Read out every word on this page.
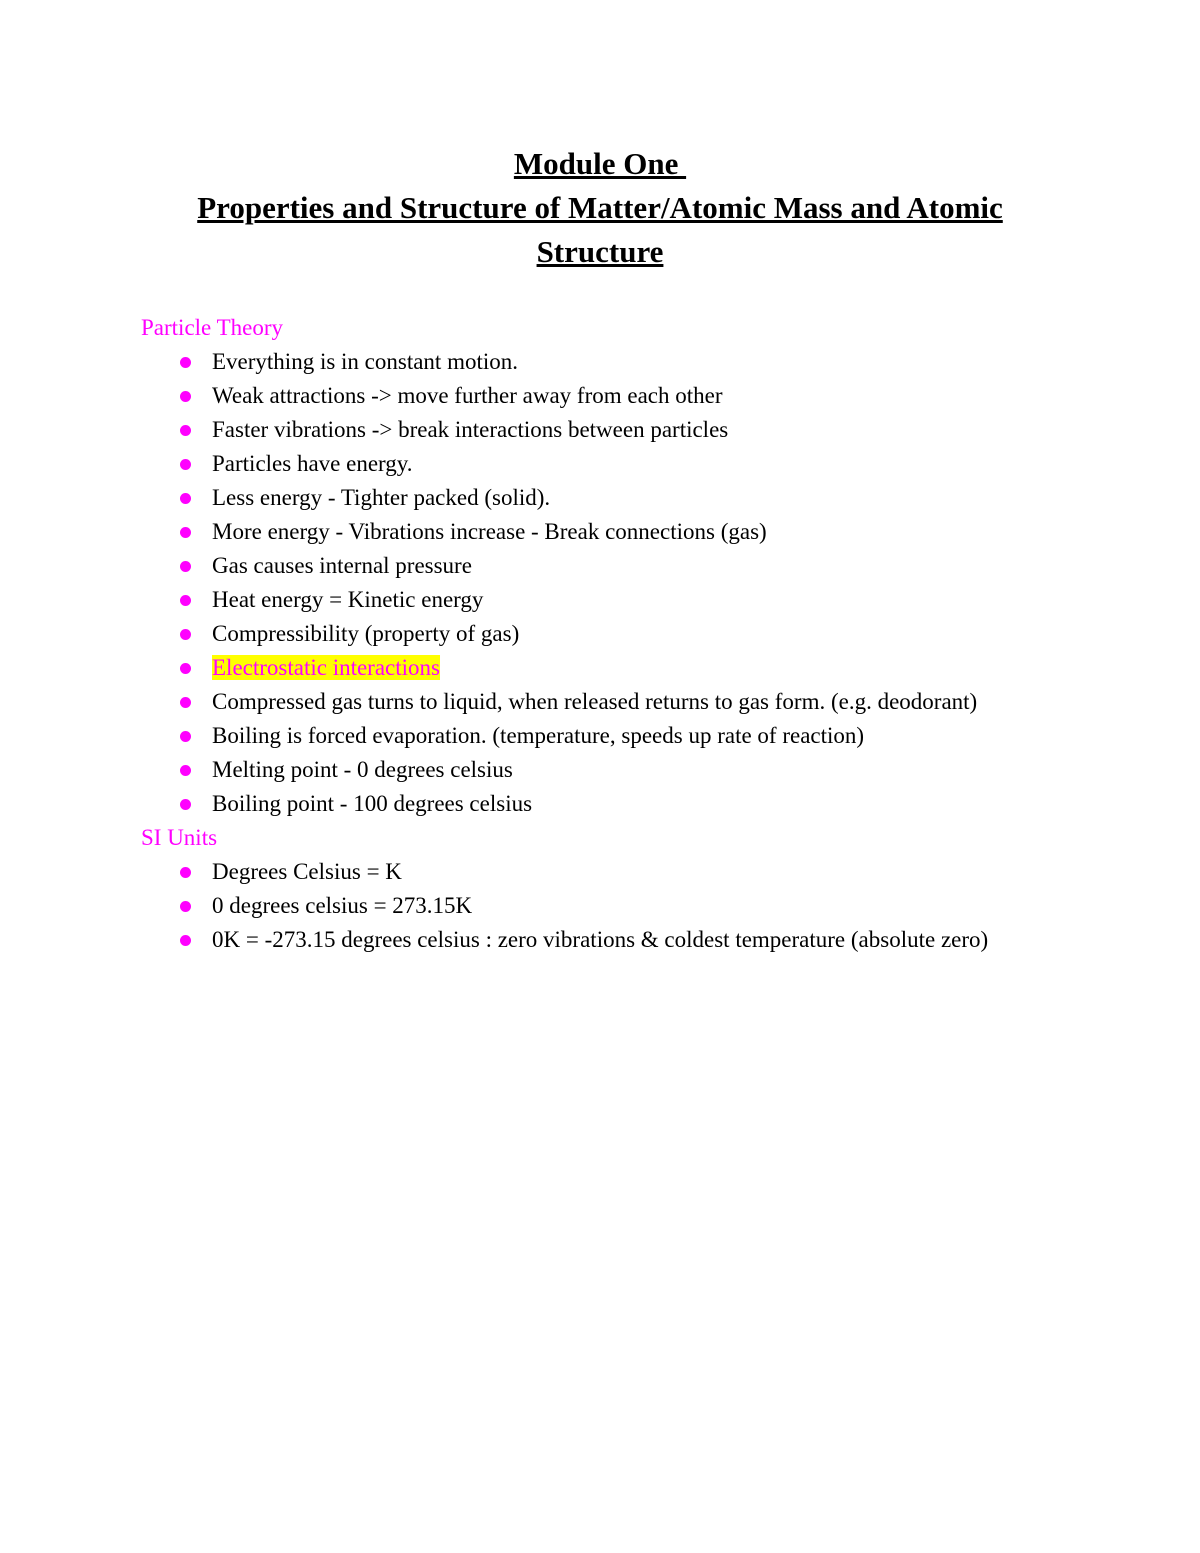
Module One
Properties and Structure of Matter/Atomic Mass and Atomic
Structure
Particle Theory
Everything is in constant motion.
Weak attractions -> move further away from each other
Faster vibrations -> break interactions between particles
Particles have energy.
Less energy - Tighter packed (solid).
More energy - Vibrations increase - Break connections (gas)
Gas causes internal pressure
Heat energy = Kinetic energy
Compressibility (property of gas)
Electrostatic interactions
Compressed gas turns to liquid, when released returns to gas form. (e.g. deodorant)
Boiling is forced evaporation. (temperature, speeds up rate of reaction)
Melting point - 0 degrees celsius
Boiling point - 100 degrees celsius
SI Units
Degrees Celsius = K
0 degrees celsius = 273.15K
0K = -273.15 degrees celsius : zero vibrations & coldest temperature (absolute zero)
